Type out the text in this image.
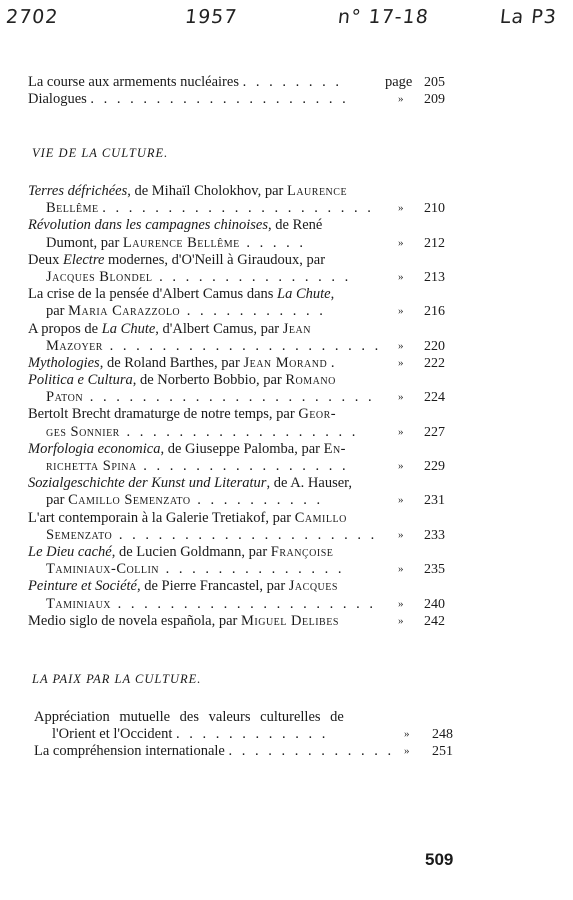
2702	1957	n° 17-18	La P3
La course aux armements nucléaires . . . . . . . .	page 205
Dialogues . . . . . . . . . . . . . . . . . . . .	» 209
VIE DE LA CULTURE.
Terres défrichées, de Mihaïl Cholokhov, par Laurence
Bellême . . . . . . . . . . . . . . . . . . . . . » 210
Révolution dans les campagnes chinoises, de René
Dumont, par Laurence Bellême . . . . .	» 212
Deux Electre modernes, d'O'Neill à Giraudoux, par
Jacques Blondel . . . . . . . . . . . . . . .	» 213
La crise de la pensée d'Albert Camus dans La Chute,
par Maria Carazzolo . . . . . . . . . . .	» 216
A propos de La Chute, d'Albert Camus, par Jean
Mazoyer . . . . . . . . . . . . . . . . . . . . . » 220
Mythologies, de Roland Barthes, par Jean Morand .	» 222
Politica e Cultura, de Norberto Bobbio, par Romano
Paton . . . . . . . . . . . . . . . . . . . . . . » 224
Bertolt Brecht dramaturge de notre temps, par Geor-
ges Sonnier . . . . . . . . . . . . . . . . . .	» 227
Morfologia economica, de Giuseppe Palomba, par En-
richetta Spina . . . . . . . . . . . . . . . .	» 229
Sozialgeschichte der Kunst und Literatur, de A. Hauser,
par Camillo Semenzato . . . . . . . . . .	» 231
L'art contemporain à la Galerie Tretiakof, par Camillo
Semenzato . . . . . . . . . . . . . . . . . . . . » 233
Le Dieu caché, de Lucien Goldmann, par Françoise
Taminiaux-Collin . . . . . . . . . . . . . .	» 235
Peinture et Société, de Pierre Francastel, par Jacques
Taminiaux . . . . . . . . . . . . . . . . . . . . » 240
Medio siglo de novela española, par Miguel Delibes	» 242
LA PAIX PAR LA CULTURE.
Appréciation mutuelle des valeurs culturelles de
l'Orient et l'Occident . . . . . . . . . . . .	» 248
La compréhension internationale . . . . . . . . . . . . . » 251
509
